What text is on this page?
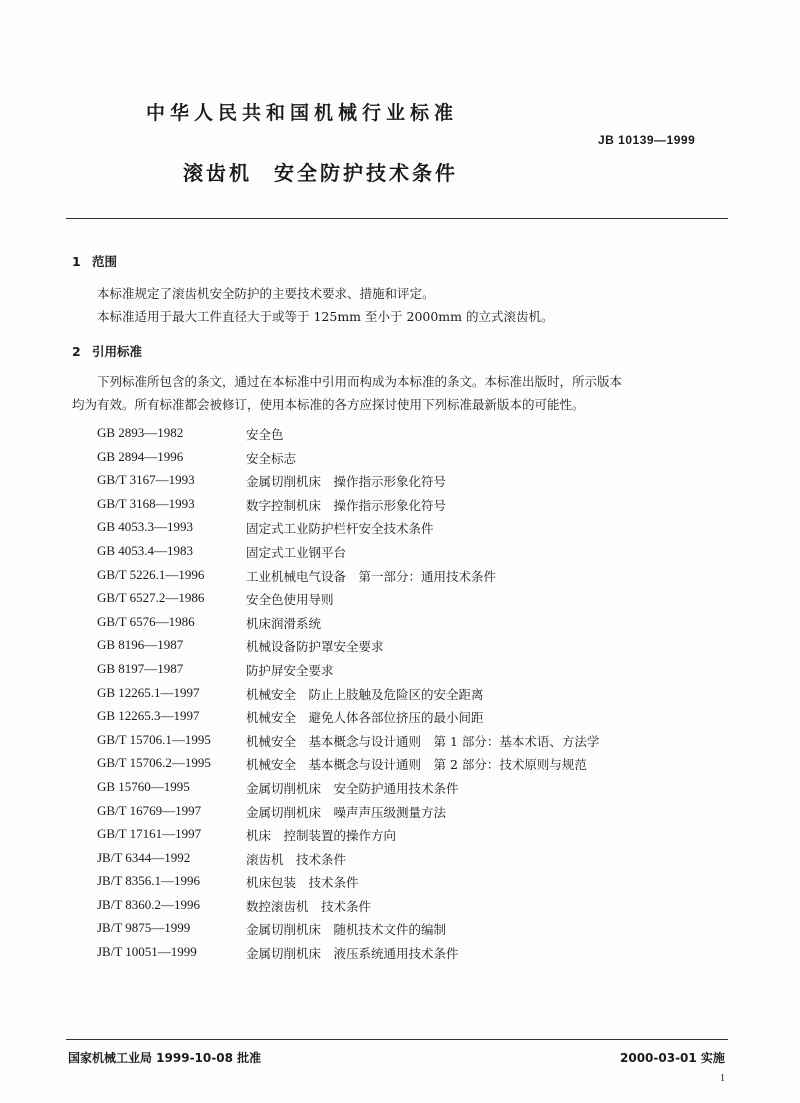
中华人民共和国机械行业标准
JB 10139—1999
滚齿机 安全防护技术条件
1 范围
本标准规定了滚齿机安全防护的主要技术要求、措施和评定。
本标准适用于最大工件直径大于或等于 125mm 至小于 2000mm 的立式滚齿机。
2 引用标准
下列标准所包含的条文，通过在本标准中引用而构成为本标准的条文。本标准出版时，所示版本
均为有效。所有标准都会被修订，使用本标准的各方应探讨使用下列标准最新版本的可能性。
GB 2893—1982	安全色
GB 2894—1996	安全标志
GB/T 3167—1993	金属切削机床　操作指示形象化符号
GB/T 3168—1993	数字控制机床　操作指示形象化符号
GB 4053.3—1993	固定式工业防护栏杆安全技术条件
GB 4053.4—1983	固定式工业钢平台
GB/T 5226.1—1996	工业机械电气设备　第一部分：通用技术条件
GB/T 6527.2—1986	安全色使用导则
GB/T 6576—1986	机床润滑系统
GB 8196—1987	机械设备防护罩安全要求
GB 8197—1987	防护屏安全要求
GB 12265.1—1997	机械安全　防止上肢触及危险区的安全距离
GB 12265.3—1997	机械安全　避免人体各部位挤压的最小间距
GB/T 15706.1—1995	机械安全　基本概念与设计通则　第 1 部分：基本术语、方法学
GB/T 15706.2—1995	机械安全　基本概念与设计通则　第 2 部分：技术原则与规范
GB 15760—1995	金属切削机床　安全防护通用技术条件
GB/T 16769—1997	金属切削机床　噪声声压级测量方法
GB/T 17161—1997	机床　控制装置的操作方向
JB/T 6344—1992	滚齿机　技术条件
JB/T 8356.1—1996	机床包装　技术条件
JB/T 8360.2—1996	数控滚齿机　技术条件
JB/T 9875—1999	金属切削机床　随机技术文件的编制
JB/T 10051—1999	金属切削机床　液压系统通用技术条件
国家机械工业局 1999-10-08 批准	2000-03-01 实施
1
